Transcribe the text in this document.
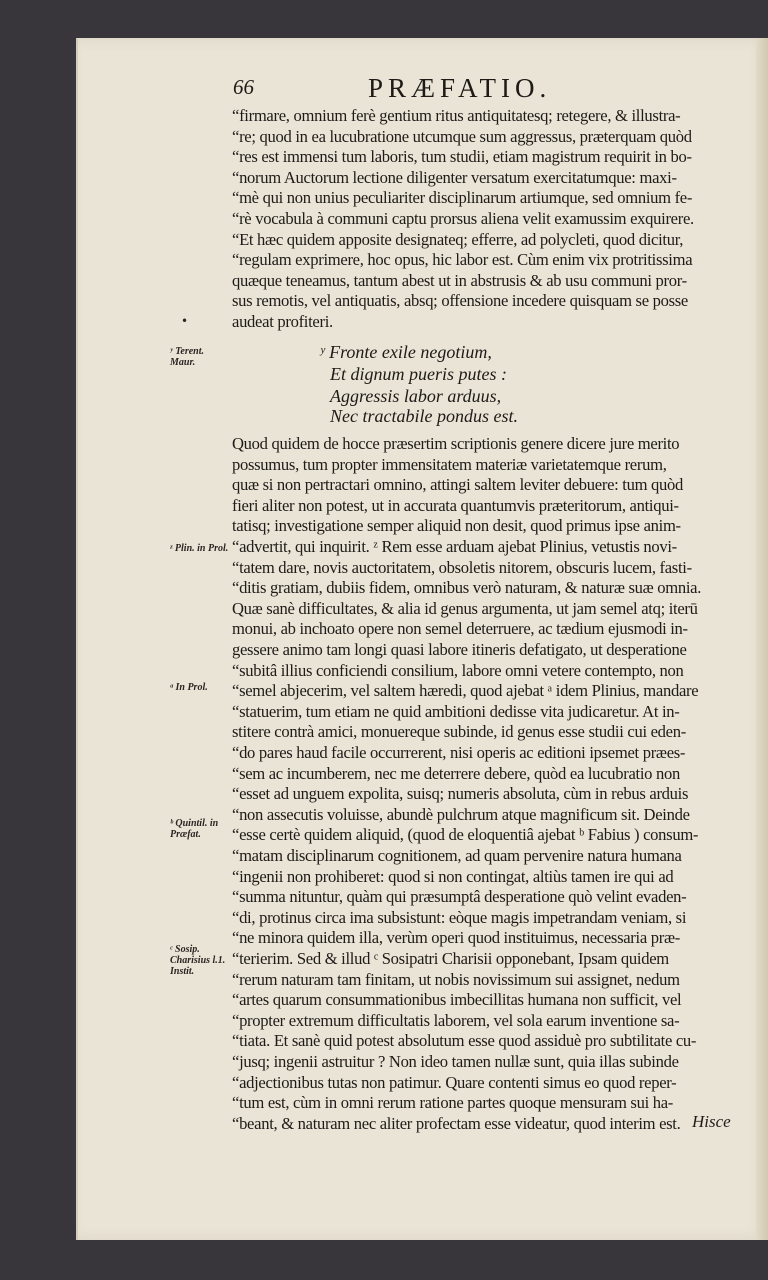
66	PRÆFATIO.
“firmare, omnium ferè gentium ritus antiquitatesq; retegere, & illustra-
“re; quod in ea lucubratione utcumque sum aggressus, præterquam quòd
“res est immensi tum laboris, tum studii, etiam magistrum requirit in bo-
“norum Auctorum lectione diligenter versatum exercitatumque: maxi-
“mè qui non unius peculiariter disciplinarum artiumque, sed omnium fe-
“rè vocabula à communi captu prorsus aliena velit examussim exquirere.
“Et hæc quidem apposite designateq; efferre, ad polycleti, quod dicitur,
“regulam exprimere, hoc opus, hic labor est. Cùm enim vix protritissima
quæque teneamus, tantum abest ut in abstrusis & ab usu communi pror-
sus remotis, vel antiquatis, absq; offensione incedere quisquam se posse
audeat profiteri.
ʸ Fronte exile negotium,
Et dignum pueris putes :
Aggressis labor arduus,
Nec tractabile pondus est.
Quod quidem de hocce præsertim scriptionis genere dicere jure merito
possumus, tum propter immensitatem materiæ varietatemque rerum,
quæ si non pertractari omnino, attingi saltem leviter debuere: tum quòd
fieri aliter non potest, ut in accurata quantumvis præteritorum, antiqui-
tatisq; investigatione semper aliquid non desit, quod primus ipse anim-
“advertit, qui inquirit. ᶻ Rem esse arduam ajebat Plinius, vetustis novi-
“tatem dare, novis auctoritatem, obsoletis nitorem, obscuris lucem, fasti-
“ditis gratiam, dubiis fidem, omnibus verò naturam, & naturæ suæ omnia.
Quæ sanè difficultates, & alia id genus argumenta, ut jam semel atq; iterū
monui, ab inchoato opere non semel deterruere, ac tædium ejusmodi in-
gessere animo tam longi quasi labore itineris defatigato, ut desperatione
“subitâ illius conficiendi consilium, labore omni vetere contempto, non
“semel abjecerim, vel saltem hæredi, quod ajebat ᵃ idem Plinius, mandare
“statuerim, tum etiam ne quid ambitioni dedisse vita judicaretur. At in-
stitere contrà amici, monuereque subinde, id genus esse studii cui eden-
“do pares haud facile occurrerent, nisi operis ac editioni ipsemet præes-
“sem ac incumberem, nec me deterrere debere, quòd ea lucubratio non
“esset ad unguem expolita, suisq; numeris absoluta, cùm in rebus arduis
“non assecutis voluisse, abundè pulchrum atque magnificum sit. Deinde
“esse certè quidem aliquid, (quod de eloquentiâ ajebat ᵇ Fabius ) consum-
“matam disciplinarum cognitionem, ad quam pervenire natura humana
“ingenii non prohiberet: quod si non contingat, altiùs tamen ire qui ad
“summa nituntur, quàm qui præsumptâ desperatione quò velint evaden-
“di, protinus circa ima subsistunt: eòque magis impetrandam veniam, si
“ne minora quidem illa, verùm operi quod instituimus, necessaria præ-
“terierim. Sed & illud ᶜ Sosipatri Charisii opponebant, Ipsam quidem
“rerum naturam tam finitam, ut nobis novissimum sui assignet, nedum
“artes quarum consummationibus imbecillitas humana non sufficit, vel
“propter extremum difficultatis laborem, vel sola earum inventione sa-
“tiata. Et sanè quid potest absolutum esse quod assiduè pro subtilitate cu-
“jusq; ingenii astruitur ? Non ideo tamen nullæ sunt, quia illas subinde
“adjectionibus tutas non patimur. Quare contenti simus eo quod reper-
“tum est, cùm in omni rerum ratione partes quoque mensuram sui ha-
“beant, & naturam nec aliter profectam esse videatur, quod interim est.
ʸ Terent. Maur.
ᶻ Plin. in Prol.
ᵃ In Prol.
ᵇ Quintil. in Præfat.
ᶜ Sosip. Charisius l.1. Instit.
•
Hisce
